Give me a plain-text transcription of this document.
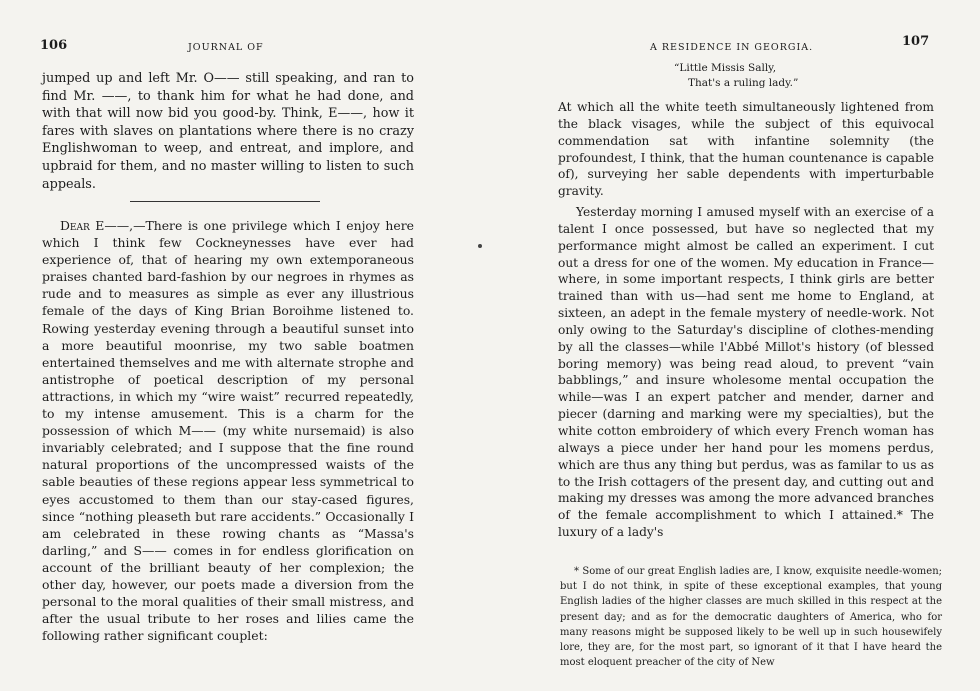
106	JOURNAL OF

jumped up and left Mr. O—— still speaking, and ran to find Mr. ——, to thank him for what he had done, and with that will now bid you good-by. Think, E——, how it fares with slaves on plantations where there is no crazy Englishwoman to weep, and entreat, and implore, and upbraid for them, and no master willing to listen to such appeals.

Dear E——,—There is one privilege which I enjoy here which I think few Cockneynesses have ever had experience of, that of hearing my own extemporaneous praises chanted bard-fashion by our negroes in rhymes as rude and to measures as simple as ever any illustrious female of the days of King Brian Boroihme listened to. Rowing yesterday evening through a beautiful sunset into a more beautiful moonrise, my two sable boatmen entertained themselves and me with alternate strophe and antistrophe of poetical description of my personal attractions, in which my “wire waist” recurred repeatedly, to my intense amusement. This is a charm for the possession of which M—— (my white nursemaid) is also invariably celebrated; and I suppose that the fine round natural proportions of the uncompressed waists of the sable beauties of these regions appear less symmetrical to eyes accustomed to them than our stay-cased figures, since “nothing pleaseth but rare accidents.” Occasionally I am celebrated in these rowing chants as “Massa's darling,” and S—— comes in for endless glorification on account of the brilliant beauty of her complexion; the other day, however, our poets made a diversion from the personal to the moral qualities of their small mistress, and after the usual tribute to her roses and lilies came the following rather significant couplet:

A RESIDENCE IN GEORGIA.	107
“Little Missis Sally,
That's a ruling lady.”

At which all the white teeth simultaneously lightened from the black visages, while the subject of this equivocal commendation sat with infantine solemnity (the profoundest, I think, that the human countenance is capable of), surveying her sable dependents with imperturbable gravity.

Yesterday morning I amused myself with an exercise of a talent I once possessed, but have so neglected that my performance might almost be called an experiment. I cut out a dress for one of the women. My education in France—where, in some important respects, I think girls are better trained than with us—had sent me home to England, at sixteen, an adept in the female mystery of needle-work. Not only owing to the Saturday's discipline of clothes-mending by all the classes—while l'Abbé Millot's history (of blessed boring memory) was being read aloud, to prevent “vain babblings,” and insure wholesome mental occupation the while—was I an expert patcher and mender, darner and piecer (darning and marking were my specialties), but the white cotton embroidery of which every French woman has always a piece under her hand pour les momens perdus, which are thus any thing but perdus, was as familar to us as to the Irish cottagers of the present day, and cutting out and making my dresses was among the more advanced branches of the female accomplishment to which I attained.* The luxury of a lady's

* Some of our great English ladies are, I know, exquisite needle-women; but I do not think, in spite of these exceptional examples, that young English ladies of the higher classes are much skilled in this respect at the present day; and as for the democratic daughters of America, who for many reasons might be supposed likely to be well up in such housewifely lore, they are, for the most part, so ignorant of it that I have heard the most eloquent preacher of the city of New
